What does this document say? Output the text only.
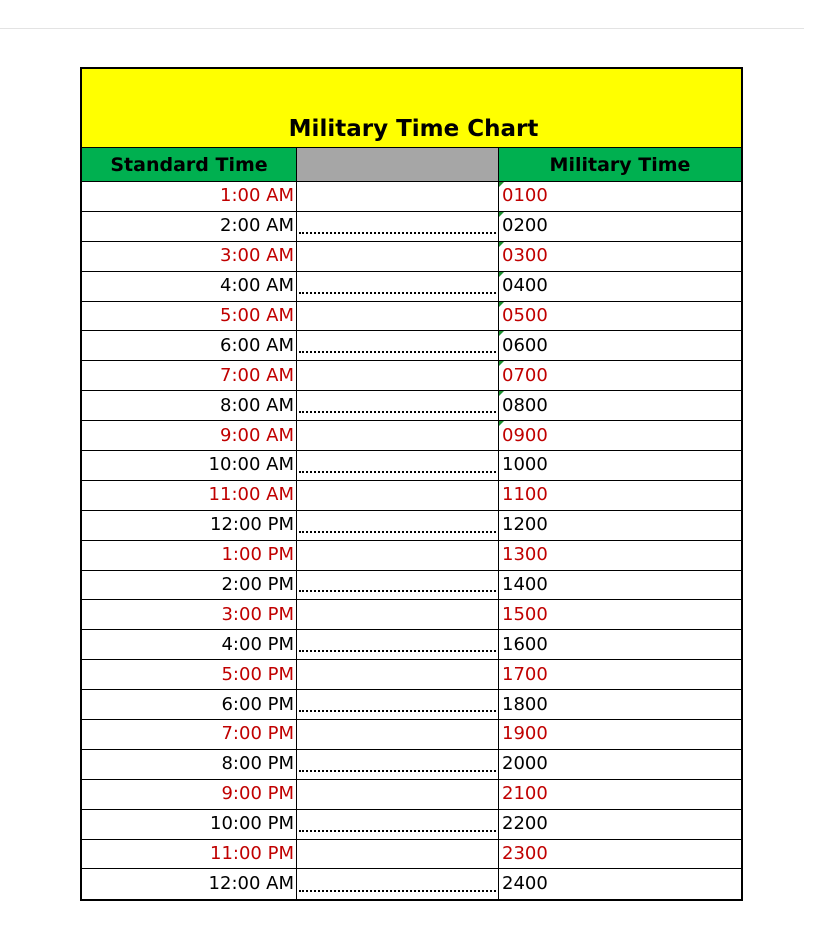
Military Time Chart
Standard Time	Military Time
1:00 AM	0100
2:00 AM	0200
3:00 AM	0300
4:00 AM	0400
5:00 AM	0500
6:00 AM	0600
7:00 AM	0700
8:00 AM	0800
9:00 AM	0900
10:00 AM	1000
11:00 AM	1100
12:00 PM	1200
1:00 PM	1300
2:00 PM	1400
3:00 PM	1500
4:00 PM	1600
5:00 PM	1700
6:00 PM	1800
7:00 PM	1900
8:00 PM	2000
9:00 PM	2100
10:00 PM	2200
11:00 PM	2300
12:00 AM	2400
